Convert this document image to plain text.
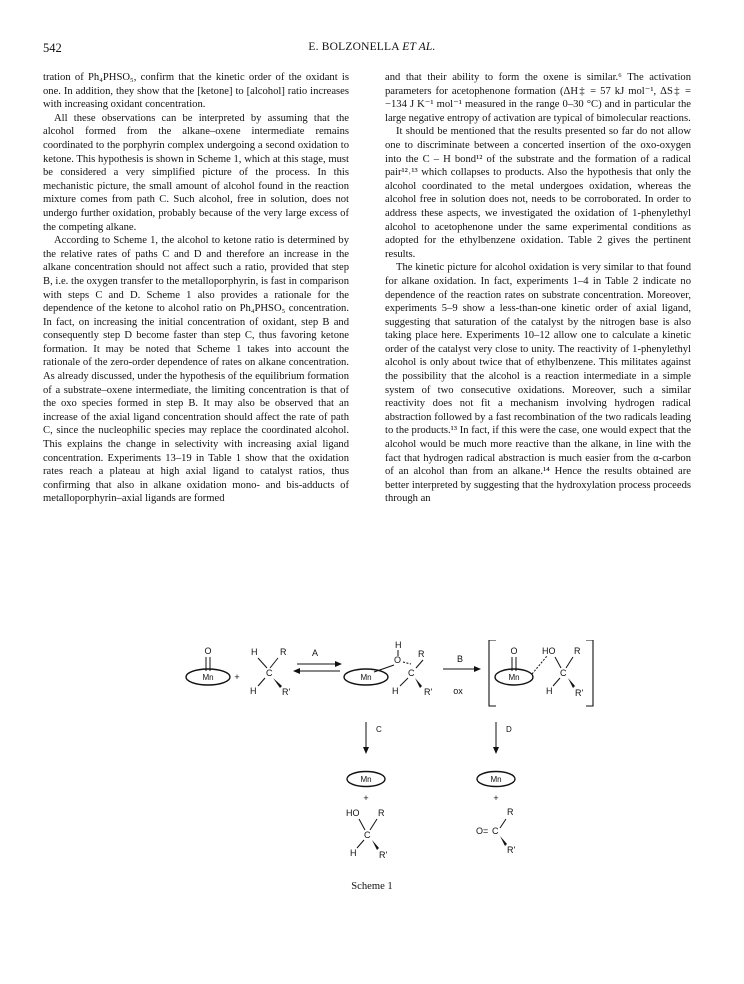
542	E. BOLZONELLA ET AL.

tration of Ph₄PHSO₅, confirm that the kinetic order of the oxidant is one. In addition, they show that the [ketone] to [alcohol] ratio increases with increasing oxidant concentration.

All these observations can be interpreted by assuming that the alcohol formed from the alkane–oxene intermediate remains coordinated to the porphyrin complex undergoing a second oxidation to ketone. This hypothesis is shown in Scheme 1, which at this stage, must be considered a very simplified picture of the process. In this mechanistic picture, the small amount of alcohol found in the reaction mixture comes from path C. Such alcohol, free in solution, does not undergo further oxidation, probably because of the very large excess of the competing alkane.

According to Scheme 1, the alcohol to ketone ratio is determined by the relative rates of paths C and D and therefore an increase in the alkane concentration should not affect such a ratio, provided that step B, i.e. the oxygen transfer to the metalloporphyrin, is fast in comparison with steps C and D. Scheme 1 also provides a rationale for the dependence of the ketone to alcohol ratio on Ph₄PHSO₅ concentration. In fact, on increasing the initial concentration of oxidant, step B and consequently step D become faster than step C, thus favoring ketone formation. It may be noted that Scheme 1 takes into account the rationale of the zero-order dependence of rates on alkane concentration. As already discussed, under the hypothesis of the equilibrium formation of a substrate–oxene intermediate, the limiting concentration is that of the oxo species formed in step B. It may also be observed that an increase of the axial ligand concentration should affect the rate of path C, since the nucleophilic species may replace the coordinated alcohol. This explains the change in selectivity with increasing axial ligand concentration. Experiments 13–19 in Table 1 show that the oxidation rates reach a plateau at high axial ligand to catalyst ratios, thus confirming that also in alkane oxidation mono- and bis-adducts of metalloporphyrin–axial ligands are formed

and that their ability to form the oxene is similar.⁶ The activation parameters for acetophenone formation (ΔH‡ = 57 kJ mol⁻¹, ΔS‡ = −134 J K⁻¹ mol⁻¹ measured in the range 0–30 °C) and in particular the large negative entropy of activation are typical of bimolecular reactions.

It should be mentioned that the results presented so far do not allow one to discriminate between a concerted insertion of the oxo-oxygen into the C – H bond¹² of the substrate and the formation of a radical pair¹²˒¹³ which collapses to products. Also the hypothesis that only the alcohol coordinated to the metal undergoes oxidation, whereas the alcohol free in solution does not, needs to be corroborated. In order to address these aspects, we investigated the oxidation of 1-phenylethyl alcohol to acetophenone under the same experimental conditions as adopted for the ethylbenzene oxidation. Table 2 gives the pertinent results.

The kinetic picture for alcohol oxidation is very similar to that found for alkane oxidation. In fact, experiments 1–4 in Table 2 indicate no dependence of the reaction rates on substrate concentration. Moreover, experiments 5–9 show a less-than-one kinetic order of axial ligand, suggesting that saturation of the catalyst by the nitrogen base is also taking place here. Experiments 10–12 allow one to calculate a kinetic order of the catalyst very close to unity. The reactivity of 1-phenylethyl alcohol is only about twice that of ethylbenzene. This militates against the possibility that the alcohol is a reaction intermediate in a simple system of two consecutive oxidations. Moreover, such a similar reactivity does not fit a mechanism involving hydrogen radical abstraction followed by a fast recombination of the two radicals leading to the products.¹³ In fact, if this were the case, one would expect that the alcohol would be much more reactive than the alkane, in line with the fact that hydrogen radical abstraction is much easier from the α-carbon of an alcohol than from an alkane.¹⁴ Hence the results obtained are better interpreted by suggesting that the hydroxylation process proceeds through an

O
Mn +
H	R
C
H	R'
A
Mn
H
O
R
C
H	R'
B
ox
O
Mn
HO R
C
H	R'
C
Mn
+
HO R
C
H	R'
D
Mn
+
R
O= C
R'
Scheme 1
